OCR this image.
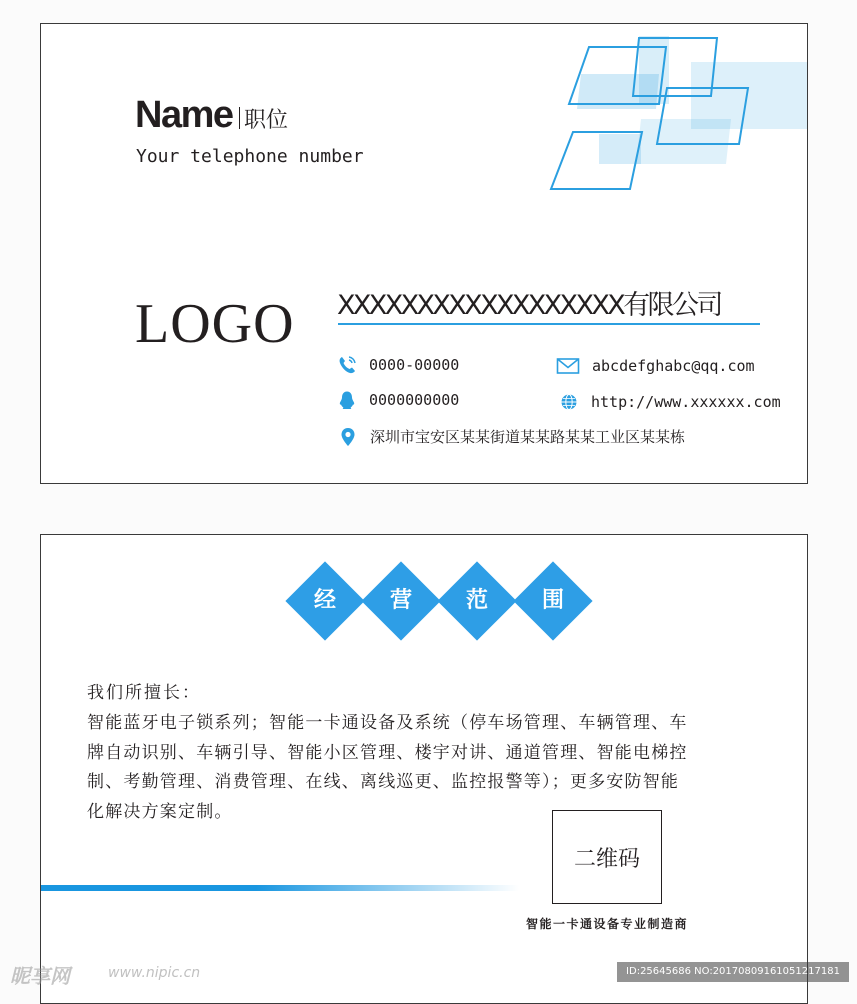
Name 职位
Your telephone number
LOGO XXXXXXXXXXXXXXXXXX有限公司
0000-00000
0000000000
abcdefghabc@qq.com
http://www.xxxxxx.com
深圳市宝安区某某街道某某路某某工业区某某栋
经	营	范	围
我们所擅长：
智能蓝牙电子锁系列；智能一卡通设备及系统（停车场管理、车辆管理、车牌自动识别、车辆引导、智能小区管理、楼宇对讲、通道管理、智能电梯控制、考勤管理、消费管理、在线、离线巡更、监控报警等）；更多安防智能化解决方案定制。
二维码
智能一卡通设备专业制造商
昵享网	www.nipic.cn	ID:25645686 NO:20170809161051217181
